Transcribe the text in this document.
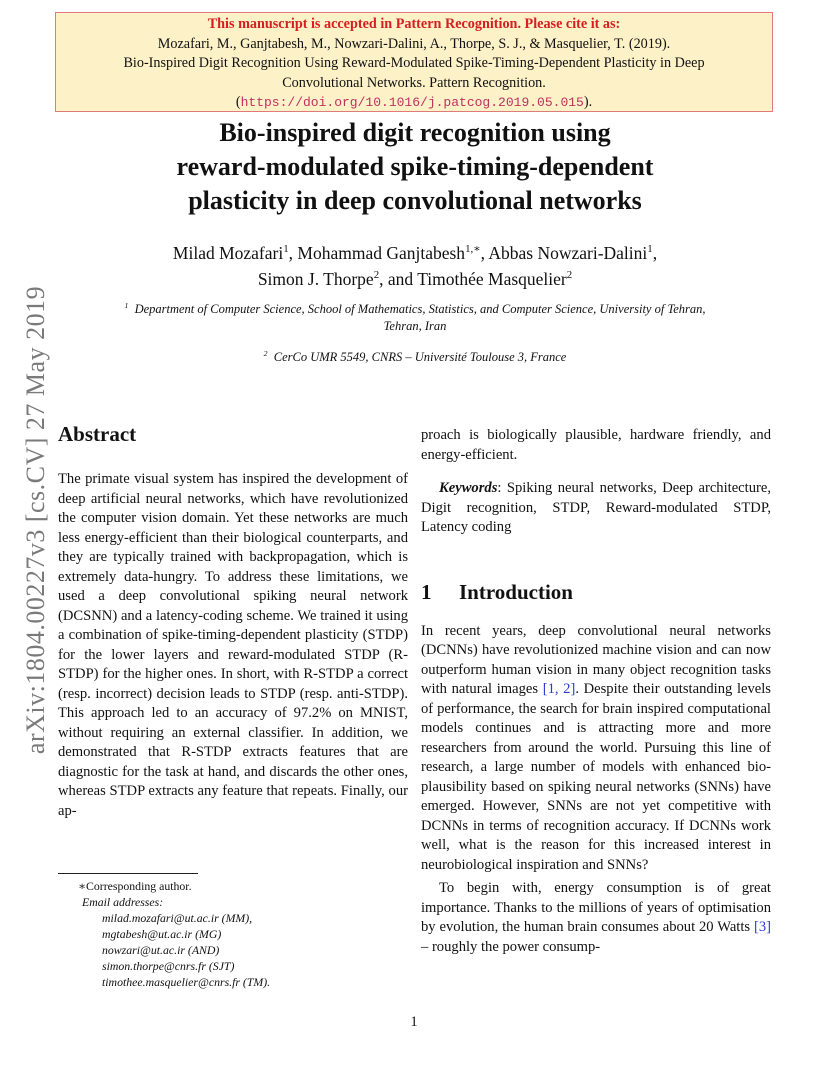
This manuscript is accepted in Pattern Recognition. Please cite it as:
Mozafari, M., Ganjtabesh, M., Nowzari-Dalini, A., Thorpe, S. J., & Masquelier, T. (2019).
Bio-Inspired Digit Recognition Using Reward-Modulated Spike-Timing-Dependent Plasticity in Deep
Convolutional Networks. Pattern Recognition.
(https://doi.org/10.1016/j.patcog.2019.05.015).
Bio-inspired digit recognition using
reward-modulated spike-timing-dependent
plasticity in deep convolutional networks
Milad Mozafari$^1$, Mohammad Ganjtabesh$^{1,∗}$, Abbas Nowzari-Dalini$^1$,
Simon J. Thorpe$^2$, and Timothée Masquelier$^2$
$^1$ Department of Computer Science, School of Mathematics, Statistics, and Computer Science, University of Tehran,
Tehran, Iran
$^2$ CerCo UMR 5549, CNRS – Université Toulouse 3, France
arXiv:1804.00227v3 [cs.CV] 27 May 2019 Abstract

The primate visual system has inspired the development of deep artificial neural networks, which have revolutionized the computer vision domain. Yet these networks are much less energy-efficient than their biological counterparts, and they are typically trained with backpropagation, which is extremely data-hungry. To address these limitations, we used a deep convolutional spiking neural network (DCSNN) and a latency-coding scheme. We trained it using a combination of spike-timing-dependent plasticity (STDP) for the lower layers and reward-modulated STDP (R-STDP) for the higher ones. In short, with R-STDP a correct (resp. incorrect) decision leads to STDP (resp. anti-STDP). This approach led to an accuracy of 97.2% on MNIST, without requiring an external classifier. In addition, we demonstrated that R-STDP extracts features that are diagnostic for the task at hand, and discards the other ones, whereas STDP extracts any feature that repeats. Finally, our ap-

proach is biologically plausible, hardware friendly, and energy-efficient.

Keywords: Spiking neural networks, Deep architecture, Digit recognition, STDP, Reward-modulated STDP, Latency coding

1 Introduction

In recent years, deep convolutional neural networks (DCNNs) have revolutionized machine vision and can now outperform human vision in many object recognition tasks with natural images [1, 2]. Despite their outstanding levels of performance, the search for brain inspired computational models continues and is attracting more and more researchers from around the world. Pursuing this line of research, a large number of models with enhanced bio-plausibility based on spiking neural networks (SNNs) have emerged. However, SNNs are not yet competitive with DCNNs in terms of recognition accuracy. If DCNNs work well, what is the reason for this increased interest in neurobiological inspiration and SNNs?

To begin with, energy consumption is of great importance. Thanks to the millions of years of optimisation by evolution, the human brain consumes about 20 Watts [3] – roughly the power consump-

∗Corresponding author.
Email addresses:
milad.mozafari@ut.ac.ir (MM),
mgtabesh@ut.ac.ir (MG)
nowzari@ut.ac.ir (AND)
simon.thorpe@cnrs.fr (SJT)
timothee.masquelier@cnrs.fr (TM).
1
